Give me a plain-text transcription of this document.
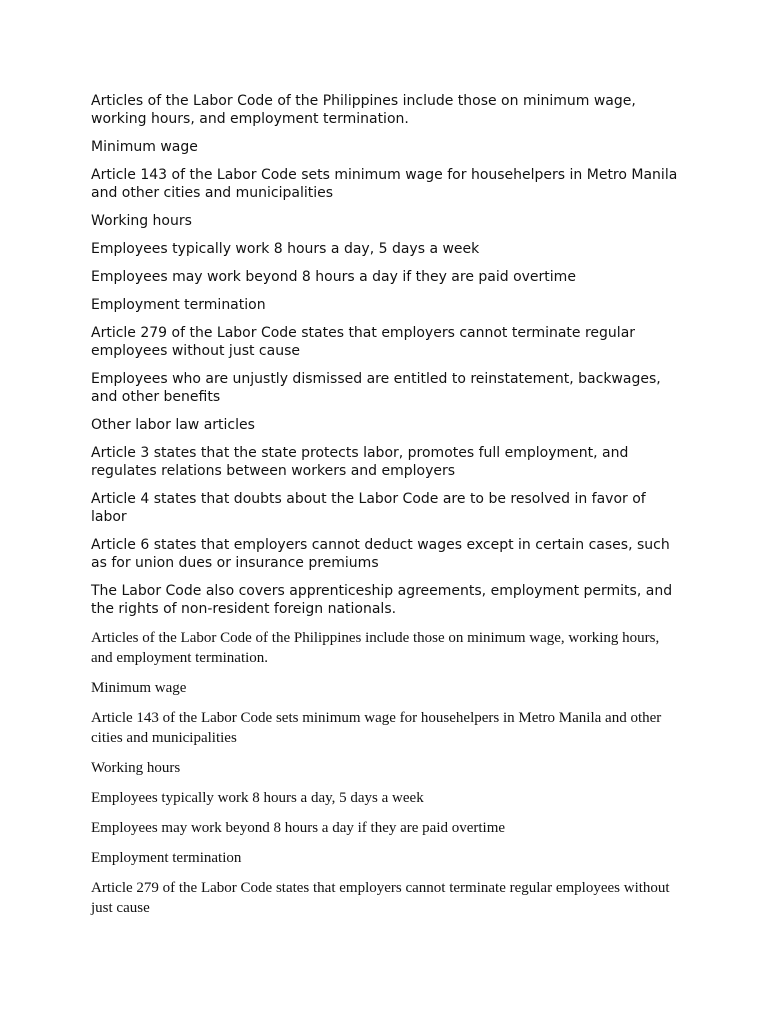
Articles of the Labor Code of the Philippines include those on minimum wage, working hours, and employment termination.

Minimum wage

Article 143 of the Labor Code sets minimum wage for househelpers in Metro Manila and other cities and municipalities

Working hours

Employees typically work 8 hours a day, 5 days a week

Employees may work beyond 8 hours a day if they are paid overtime

Employment termination

Article 279 of the Labor Code states that employers cannot terminate regular employees without just cause

Employees who are unjustly dismissed are entitled to reinstatement, backwages, and other benefits

Other labor law articles

Article 3 states that the state protects labor, promotes full employment, and regulates relations between workers and employers

Article 4 states that doubts about the Labor Code are to be resolved in favor of labor

Article 6 states that employers cannot deduct wages except in certain cases, such as for union dues or insurance premiums

The Labor Code also covers apprenticeship agreements, employment permits, and the rights of non-resident foreign nationals.

Articles of the Labor Code of the Philippines include those on minimum wage, working hours, and employment termination.

Minimum wage

Article 143 of the Labor Code sets minimum wage for househelpers in Metro Manila and other cities and municipalities

Working hours

Employees typically work 8 hours a day, 5 days a week

Employees may work beyond 8 hours a day if they are paid overtime

Employment termination

Article 279 of the Labor Code states that employers cannot terminate regular employees without just cause
